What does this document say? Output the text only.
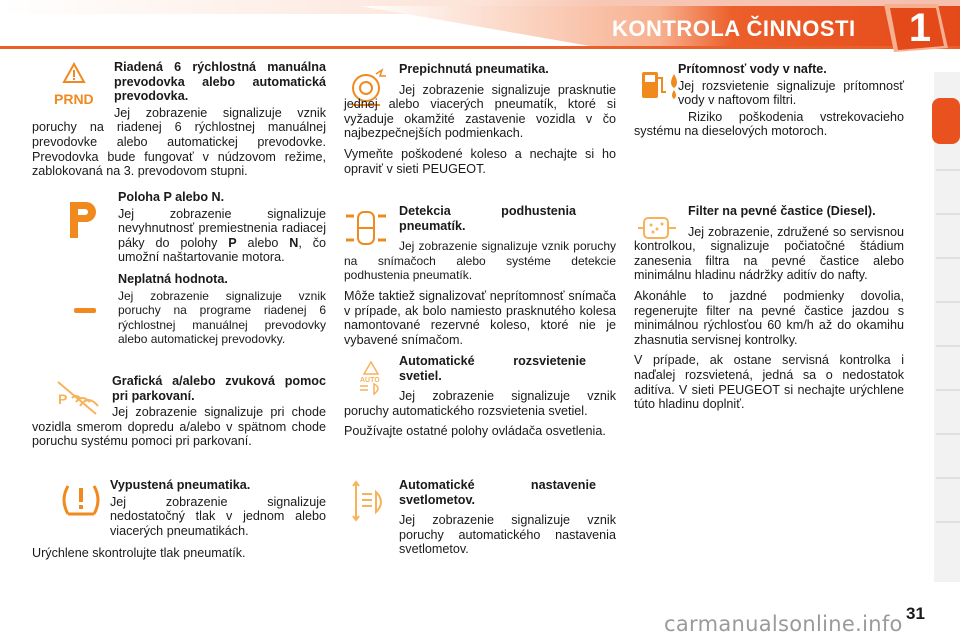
KONTROLA ČINNOSTI 1
PRND

Riadená 6 rýchlostná manuálna prevodovka alebo automatická prevodovka.

Jej zobrazenie signalizuje vznik poruchy na riadenej 6 rýchlostnej manuálnej prevodovke alebo automatickej prevodovke. Prevodovka bude fungovať v núdzovom režime, zablokovaná na 3. prevodovom stupni.

Poloha P alebo N.

Jej zobrazenie signalizuje nevyhnutnosť premiestnenia radiacej páky do polohy P alebo N, čo umožní naštartovanie motora.

Neplatná hodnota.

Jej zobrazenie signalizuje vznik poruchy na programe riadenej 6 rýchlostnej manuálnej prevodovky alebo automatickej prevodovky.

P

Grafická a/alebo zvuková pomoc pri parkovaní.

Jej zobrazenie signalizuje pri chode vozidla smerom dopredu a/alebo v spätnom chode poruchu systému pomoci pri parkovaní.

Vypustená pneumatika.

Jej zobrazenie signalizuje nedostatočný tlak v jednom alebo viacerých pneumatikách.

Urýchlene skontrolujte tlak pneumatík.

Prepichnutá pneumatika.

Jej zobrazenie signalizuje prasknutie jednej alebo viacerých pneumatík, ktoré si vyžaduje okamžité zastavenie vozidla v čo najbezpečnejších podmienkach.

Vymeňte poškodené koleso a nechajte si ho opraviť v sieti PEUGEOT.

Detekcia podhustenia pneumatík.

Jej zobrazenie signalizuje vznik poruchy na snímačoch alebo systéme detekcie podhustenia pneumatík.

Môže taktiež signalizovať neprítomnosť snímača v prípade, ak bolo namiesto prasknutého kolesa namontované rezervné koleso, ktoré nie je vybavené snímačom.

AUTO

Automatické rozsvietenie svetiel.

Jej zobrazenie signalizuje vznik poruchy automatického rozsvietenia svetiel.

Používajte ostatné polohy ovládača osvetlenia.

Automatické nastavenie svetlometov.

Jej zobrazenie signalizuje vznik poruchy automatického nastavenia svetlometov.

Prítomnosť vody v nafte.

Jej rozsvietenie signalizuje prítomnosť vody v naftovom filtri.

Riziko poškodenia vstrekovacieho systému na dieselových motoroch.

Filter na pevné častice (Diesel).

Jej zobrazenie, združené so servisnou kontrolkou, signalizuje počiatočné štádium zanesenia filtra na pevné častice alebo minimálnu hladinu nádržky aditív do nafty.

Akonáhle to jazdné podmienky dovolia, regenerujte filter na pevné častice jazdou s minimálnou rýchlosťou 60 km/h až do okamihu zhasnutia servisnej kontrolky.

V prípade, ak ostane servisná kontrolka i naďalej rozsvietená, jedná sa o nedostatok aditíva. V sieti PEUGEOT si nechajte urýchlene túto hladinu doplniť.

carmanualsonline.info 31
